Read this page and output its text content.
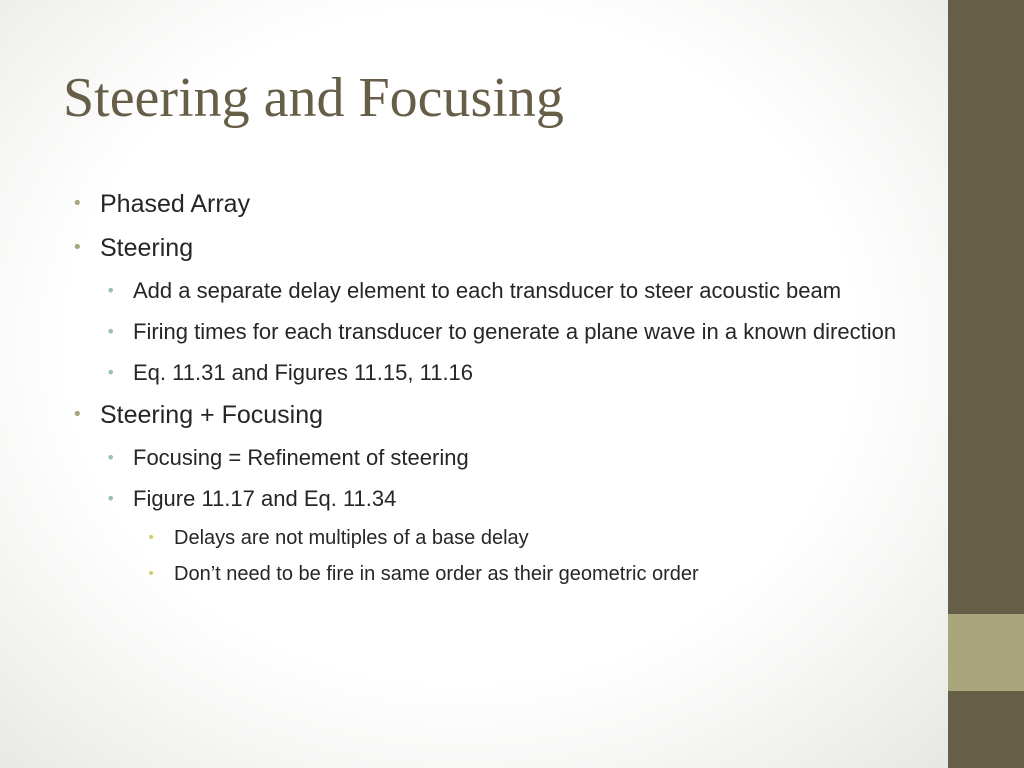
Steering and Focusing
• Phased Array
• Steering
• Add a separate delay element to each transducer to steer acoustic beam
• Firing times for each transducer to generate a plane wave in a known direction
• Eq. 11.31 and Figures 11.15, 11.16
• Steering + Focusing
• Focusing = Refinement of steering
• Figure 11.17 and Eq. 11.34
• Delays are not multiples of a base delay
• Don’t need to be fire in same order as their geometric order
